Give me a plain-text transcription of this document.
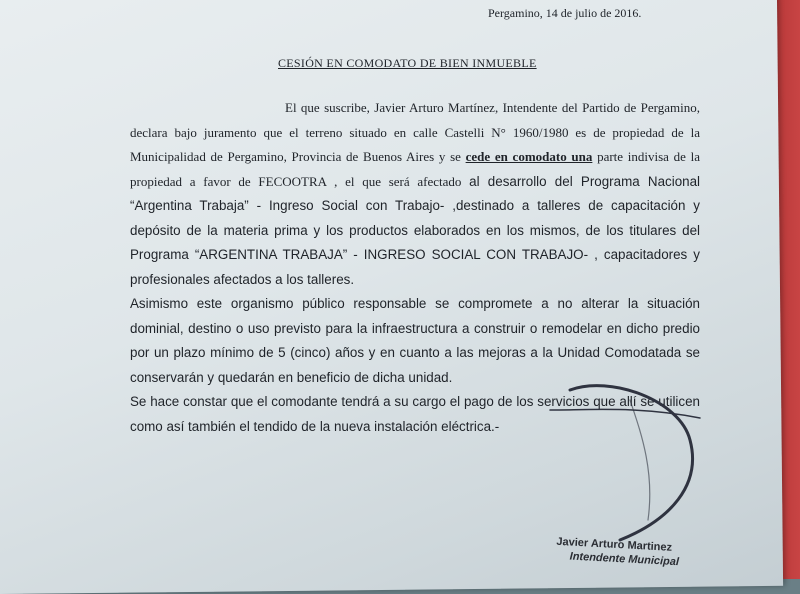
Pergamino, 14 de julio de 2016.
CESIÓN EN COMODATO DE BIEN INMUEBLE

El que suscribe, Javier Arturo Martínez, Intendente del Partido de Pergamino, declara bajo juramento que el terreno situado en calle Castelli N° 1960/1980 es de propiedad de la Municipalidad de Pergamino, Provincia de Buenos Aires y se cede en comodato una parte indivisa de la propiedad a favor de FECOOTRA , el que será afectado al desarrollo del Programa Nacional “Argentina Trabaja” - Ingreso Social con Trabajo- ,destinado a talleres de capacitación y depósito de la materia prima y los productos elaborados en los mismos, de los titulares del Programa “ARGENTINA TRABAJA” - INGRESO SOCIAL CON TRABAJO- , capacitadores y profesionales afectados a los talleres.

Asimismo este organismo público responsable se compromete a no alterar la situación dominial, destino o uso previsto para la infraestructura a construir o remodelar en dicho predio por un plazo mínimo de 5 (cinco) años y en cuanto a las mejoras a la Unidad Comodatada se conservarán y quedarán en beneficio de dicha unidad.

Se hace constar que el comodante tendrá a su cargo el pago de los servicios que allí se utilicen como así también el tendido de la nueva instalación eléctrica.-

Javier Arturo Martinez
Intendente Municipal
